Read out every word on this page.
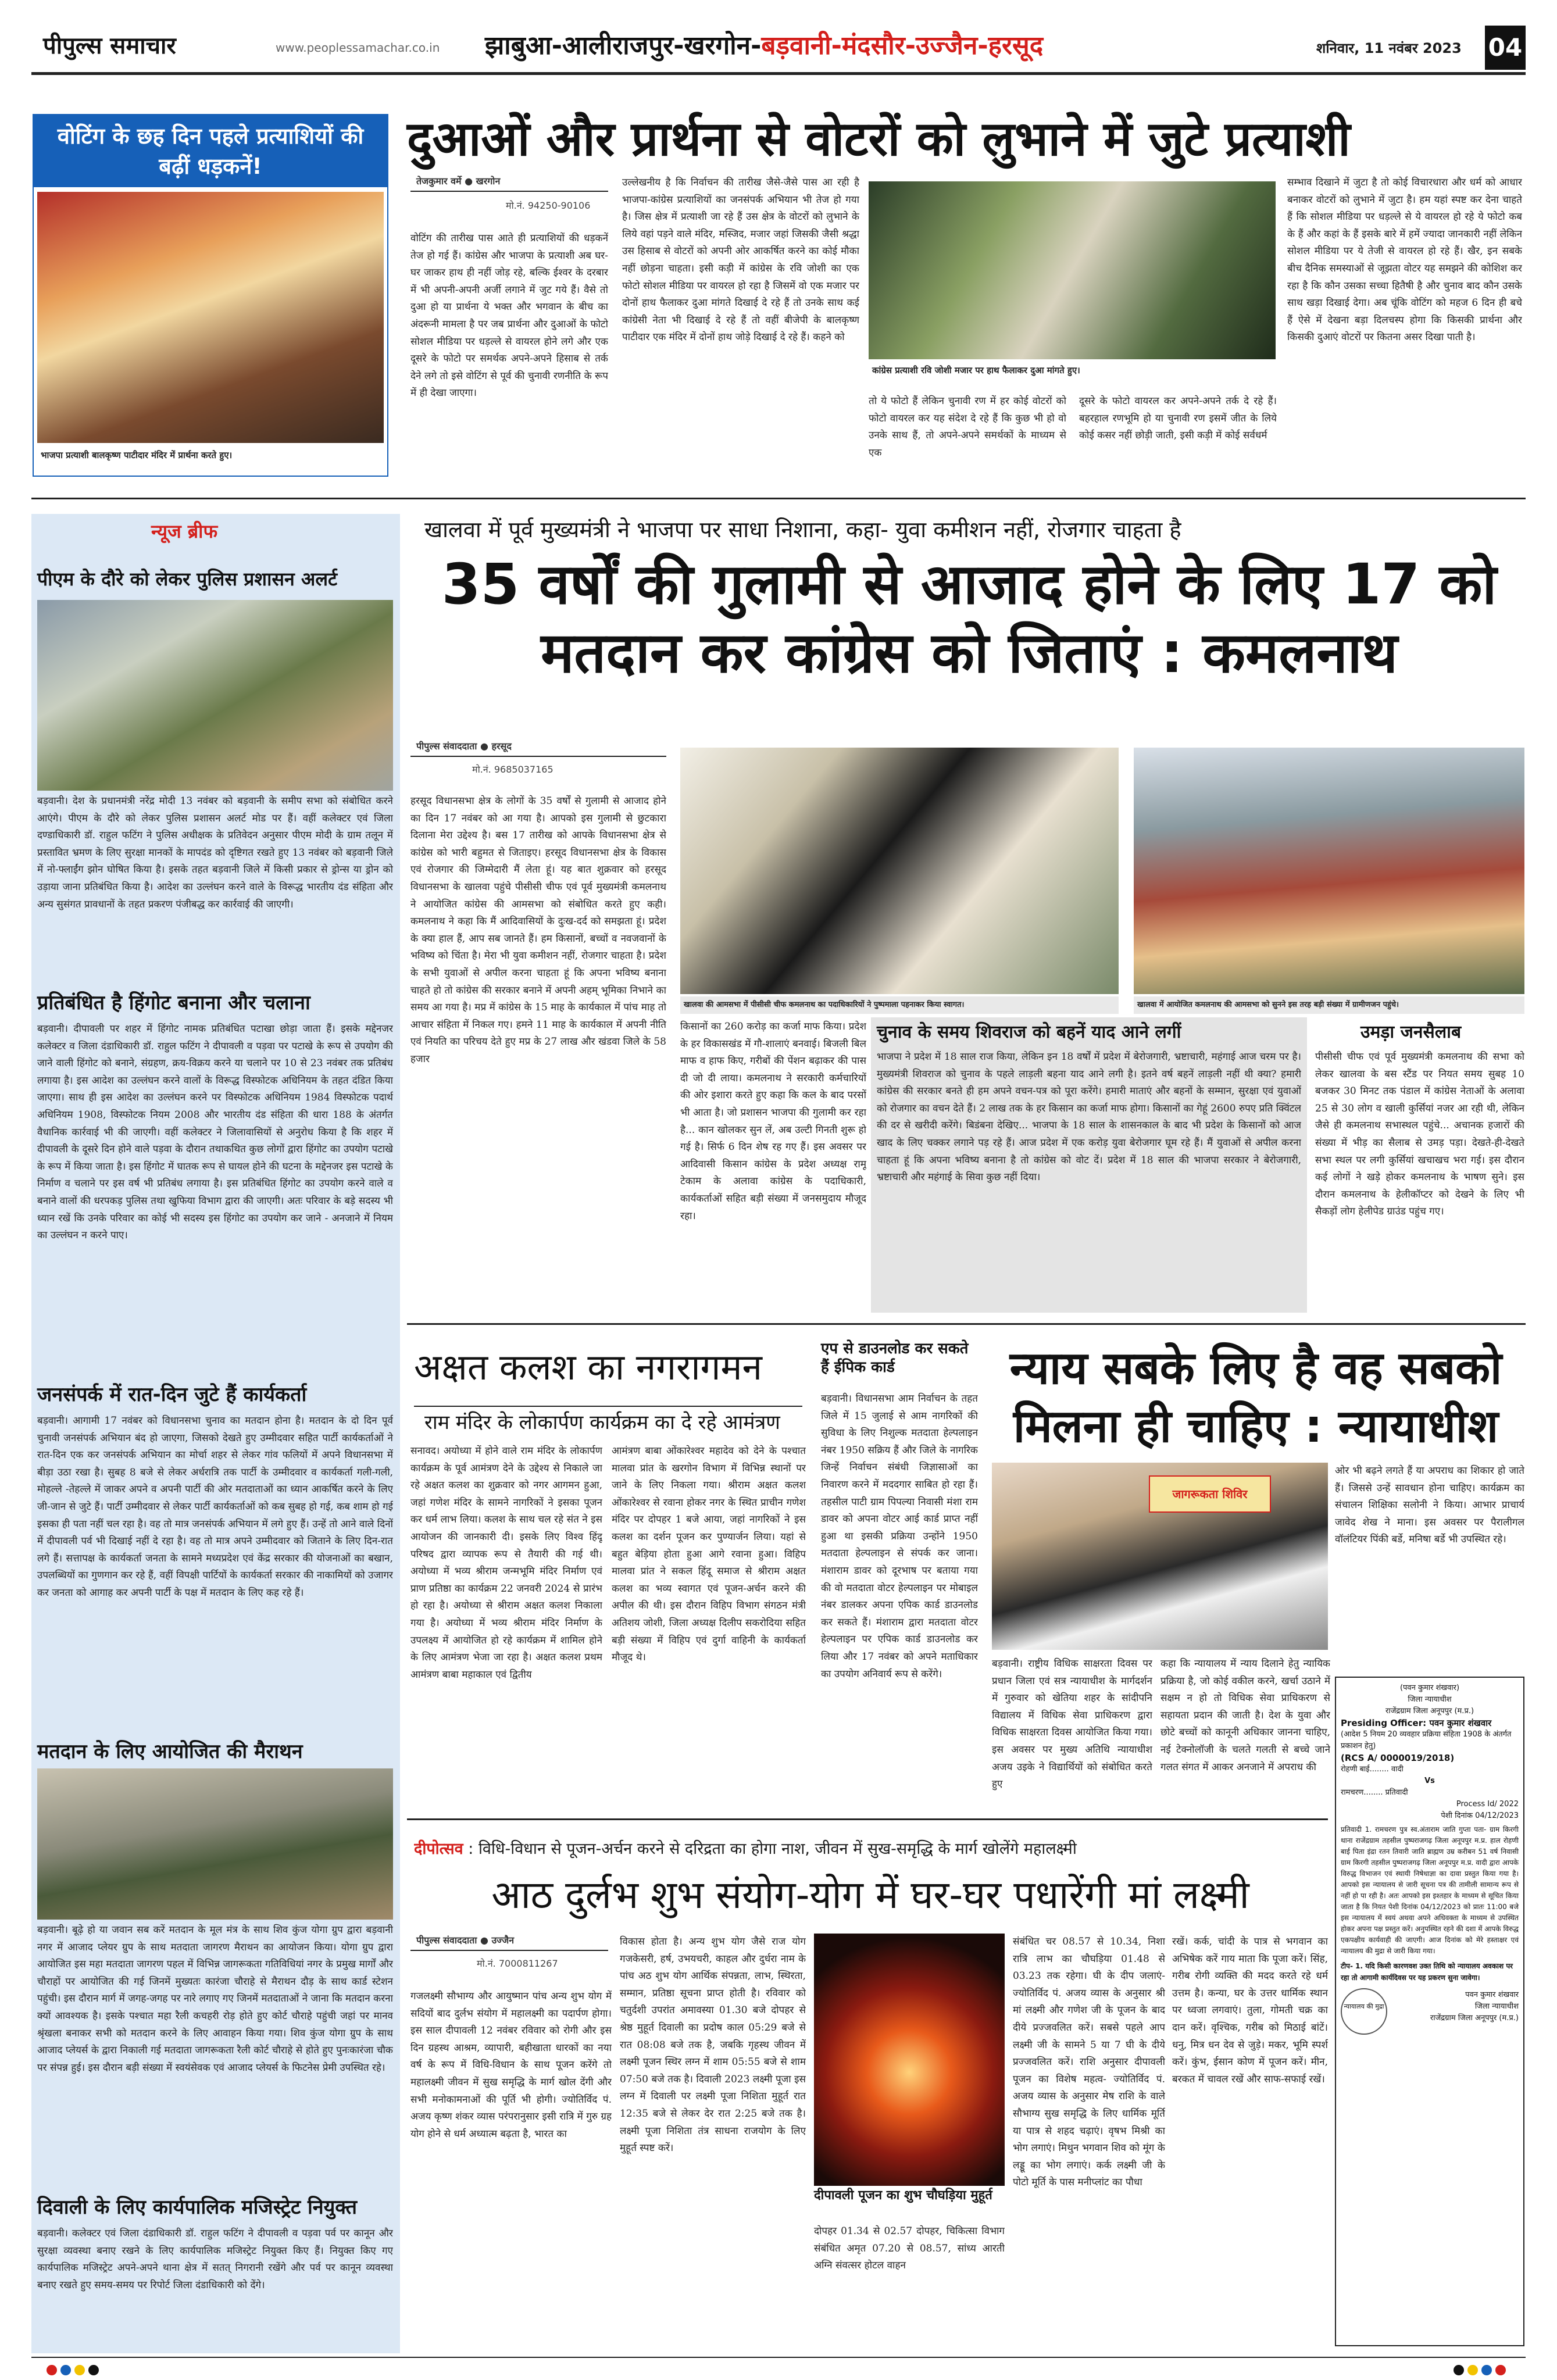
पीपुल्स समाचार	www.peoplessamachar.co.in झाबुआ-आलीराजपुर-खरगोन-बड़वानी-मंदसौर-उज्जैन-हरसूद	शनिवार, 11 नवंबर 2023 04
वोटिंग के छह दिन पहले प्रत्याशियों की बढ़ीं धड़कनें!
भाजपा प्रत्याशी बालकृष्ण पाटीदार मंदिर में प्रार्थना करते हुए।
दुआओं और प्रार्थना से वोटरों को लुभाने में जुटे प्रत्याशी
तेजकुमार वर्मे ● खरगोन
मो.नं. 94250-90106
वोटिंग की तारीख पास आते ही प्रत्याशियों की धड़कनें तेज हो गई हैं। कांग्रेस और भाजपा के प्रत्याशी अब घर-घर जाकर हाथ ही नहीं जोड़ रहे, बल्कि ईश्वर के दरबार में भी अपनी-अपनी अर्जी लगाने में जुट गये हैं। वैसे तो दुआ हो या प्रार्थना ये भक्त और भगवान के बीच का अंदरूनी मामला है पर जब प्रार्थना और दुआओं के फोटो सोशल मीडिया पर धड़ल्ले से वायरल होने लगे और एक दूसरे के फोटो पर समर्थक अपने-अपने हिसाब से तर्क देने लगे तो इसे वोटिंग से पूर्व की चुनावी रणनीति के रूप में ही देखा जाएगा।
उल्लेखनीय है कि निर्वाचन की तारीख जैसे-जैसे पास आ रही है भाजपा-कांग्रेस प्रत्याशियों का जनसंपर्क अभियान भी तेज हो गया है। जिस क्षेत्र में प्रत्याशी जा रहे हैं उस क्षेत्र के वोटरों को लुभाने के लिये वहां पड़ने वाले मंदिर, मस्जिद, मजार जहां जिसकी जैसी श्रद्धा उस हिसाब से वोटरों को अपनी ओर आकर्षित करने का कोई मौका नहीं छोड़ना चाहता। इसी कड़ी में कांग्रेस के रवि जोशी का एक फोटो सोशल मीडिया पर वायरल हो रहा है जिसमें वो एक मजार पर दोनों हाथ फैलाकर दुआ मांगते दिखाई दे रहे हैं तो उनके साथ कई कांग्रेसी नेता भी दिखाई दे रहे हैं तो वहीं बीजेपी के बालकृष्ण पाटीदार एक मंदिर में दोनों हाथ जोड़े दिखाई दे रहे हैं। कहने को
कांग्रेस प्रत्याशी रवि जोशी मजार पर हाथ फैलाकर दुआ मांगते हुए।
तो ये फोटो हैं लेकिन चुनावी रण में हर कोई वोटरों को फोटो वायरल कर यह संदेश दे रहे हैं कि कुछ भी हो वो उनके साथ हैं, तो अपने-अपने समर्थकों के माध्यम से एक
दूसरे के फोटो वायरल कर अपने-अपने तर्क दे रहे हैं। बहरहाल रणभूमि हो या चुनावी रण इसमें जीत के लिये कोई कसर नहीं छोड़ी जाती, इसी कड़ी में कोई सर्वधर्म
सम्भाव दिखाने में जुटा है तो कोई विचारधारा और धर्म को आधार बनाकर वोटरों को लुभाने में जुटा है। हम यहां स्पष्ट कर देना चाहते हैं कि सोशल मीडिया पर धड़ल्ले से ये वायरल हो रहे ये फोटो कब के हैं और कहां के हैं इसके बारे में हमें ज्यादा जानकारी नहीं लेकिन सोशल मीडिया पर ये तेजी से वायरल हो रहे हैं। खैर, इन सबके बीच दैनिक समस्याओं से जूझता वोटर यह समझने की कोशिश कर रहा है कि कौन उसका सच्चा हितैषी है और चुनाव बाद कौन उसके साथ खड़ा दिखाई देगा। अब चूंकि वोटिंग को महज 6 दिन ही बचे हैं ऐसे में देखना बड़ा दिलचस्प होगा कि किसकी प्रार्थना और किसकी दुआएं वोटरों पर कितना असर दिखा पाती है।
न्यूज ब्रीफ
पीएम के दौरे को लेकर पुलिस प्रशासन अलर्ट
बड़वानी। देश के प्रधानमंत्री नरेंद्र मोदी 13 नवंबर को बड़वानी के समीप सभा को संबोधित करने आएंगे। पीएम के दौरे को लेकर पुलिस प्रशासन अलर्ट मोड पर हैं। वहीं कलेक्टर एवं जिला दण्डाधिकारी डॉ. राहुल फटिंग ने पुलिस अधीक्षक के प्रतिवेदन अनुसार पीएम मोदी के ग्राम तलून में प्रस्तावित भ्रमण के लिए सुरक्षा मानकों के मापदंड को दृष्टिगत रखते हुए 13 नवंबर को बड़वानी जिले में नो-फ्लाईंग झोन घोषित किया है। इसके तहत बड़वानी जिले में किसी प्रकार से ड्रोन्स या ड्रोन को उड़ाया जाना प्रतिबंधित किया है। आदेश का उल्लंघन करने वाले के विरूद्ध भारतीय दंड संहिता और अन्य सुसंगत प्रावधानों के तहत प्रकरण पंजीबद्ध कर कार्रवाई की जाएगी।
प्रतिबंधित है हिंगोट बनाना और चलाना
बड़वानी। दीपावली पर शहर में हिंगोट नामक प्रतिबंधित पटाखा छोड़ा जाता हैं। इसके मद्देनजर कलेक्टर व जिला दंडाधिकारी डॉ. राहुल फटिंग ने दीपावली व पड़वा पर पटाखे के रूप से उपयोग की जाने वाली हिंगोट को बनाने, संग्रहण, क्रय-विक्रय करने या चलाने पर 10 से 23 नवंबर तक प्रतिबंध लगाया है। इस आदेश का उल्लंघन करने वालों के विरूद्ध विस्फोटक अधिनियम के तहत दंडित किया जाएगा। साथ ही इस आदेश का उल्लंघन करने पर विस्फोटक अधिनियम 1984 विस्फोटक पदार्थ अधिनियम 1908, विस्फोटक नियम 2008 और भारतीय दंड संहिता की धारा 188 के अंतर्गत वैधानिक कार्रवाई भी की जाएगी। वहीं कलेक्टर ने जिलावासियों से अनुरोध किया है कि शहर में दीपावली के दूसरे दिन होने वाले पड़वा के दौरान तथाकथित कुछ लोगों द्वारा हिंगोट का उपयोग पटाखे के रूप में किया जाता है। इस हिंगोट में घातक रूप से घायल होने की घटना के मद्देनजर इस पटाखे के निर्माण व चलाने पर इस वर्ष भी प्रतिबंध लगाया है। इस प्रतिबंधित हिंगोट का उपयोग करने वाले व बनाने वालों की धरपकड़ पुलिस तथा खुफिया विभाग द्वारा की जाएगी। अतः परिवार के बड़े सदस्य भी ध्यान रखें कि उनके परिवार का कोई भी सदस्य इस हिंगोट का उपयोग कर जाने - अनजाने में नियम का उल्लंघन न करने पाए।
जनसंपर्क में रात-दिन जुटे हैं कार्यकर्ता
बड़वानी। आगामी 17 नवंबर को विधानसभा चुनाव का मतदान होना है। मतदान के दो दिन पूर्व चुनावी जनसंपर्क अभियान बंद हो जाएगा, जिसको देखते हुए उम्मीदवार सहित पार्टी कार्यकर्ताओं ने रात-दिन एक कर जनसंपर्क अभियान का मोर्चा शहर से लेकर गांव फलियों में अपने विधानसभा में बीड़ा उठा रखा है। सुबह 8 बजे से लेकर अर्धरात्रि तक पार्टी के उम्मीदवार व कार्यकर्ता गली-गली, मोहल्ले -तेहल्ले में जाकर अपने व अपनी पार्टी की ओर मतदाताओं का ध्यान आकर्षित करने के लिए जी-जान से जुटे हैं। पार्टी उम्मीदवार से लेकर पार्टी कार्यकर्ताओं को कब सुबह हो गई, कब शाम हो गई इसका ही पता नहीं चल रहा है। वह तो मात्र जनसंपर्क अभियान में लगे हुए हैं। उन्हें तो आने वाले दिनों में दीपावली पर्व भी दिखाई नहीं दे रहा है। वह तो मात्र अपने उम्मीदवार को जिताने के लिए दिन-रात लगे हैं। सत्तापक्ष के कार्यकर्ता जनता के सामने मध्यप्रदेश एवं केंद्र सरकार की योजनाओं का बखान, उपलब्धियों का गुणगान कर रहे हैं, वहीं विपक्षी पार्टियों के कार्यकर्ता सरकार की नाकामियों को उजागर कर जनता को आगाह कर अपनी पार्टी के पक्ष में मतदान के लिए कह रहे हैं।
मतदान के लिए आयोजित की मैराथन
बड़वानी। बूढ़े हो या जवान सब करें मतदान के मूल मंत्र के साथ शिव कुंज योगा ग्रुप द्वारा बड़वानी नगर में आजाद प्लेयर ग्रुप के साथ मतदाता जागरण मैराथन का आयोजन किया। योगा ग्रुप द्वारा आयोजित इस महा मतदाता जागरण पहल में विभिन्न जागरूकता गतिविधियां नगर के प्रमुख मार्गों और चौराहों पर आयोजित की गई जिनमें मुख्यतः कारंजा चौराहे से मैराथन दौड़ के साथ कार्ड स्टेशन पहुंची। इस दौरान मार्ग में जगह-जगह पर नारे लगाए गए जिनमें मतदाताओं ने जाना कि मतदान करना क्यों आवश्यक है। इसके पश्चात महा रैली कचहरी रोड़ होते हुए कोर्ट चौराहे पहुंची जहां पर मानव श्रृंखला बनाकर सभी को मतदान करने के लिए आवाहन किया गया। शिव कुंज योगा ग्रुप के साथ आजाद प्लेयर्स के द्वारा निकाली गई मतदाता जागरूकता रैली कोर्ट चौराहे से होते हुए पुनःकारंजा चौक पर संपन्न हुई। इस दौरान बड़ी संख्या में स्वयंसेवक एवं आजाद प्लेयर्स के फिटनेस प्रेमी उपस्थित रहे।
दिवाली के लिए कार्यपालिक मजिस्ट्रेट नियुक्त
बड़वानी। कलेक्टर एवं जिला दंडाधिकारी डॉ. राहुल फटिंग ने दीपावली व पड़वा पर्व पर कानून और सुरक्षा व्यवस्था बनाए रखने के लिए कार्यपालिक मजिस्ट्रेट नियुक्त किए हैं। नियुक्त किए गए कार्यपालिक मजिस्ट्रेट अपने-अपने थाना क्षेत्र में सतत् निगरानी रखेंगे और पर्व पर कानून व्यवस्था बनाए रखते हुए समय-समय पर रिपोर्ट जिला दंडाधिकारी को देंगे।
खालवा में पूर्व मुख्यमंत्री ने भाजपा पर साधा निशाना, कहा- युवा कमीशन नहीं, रोजगार चाहता है
35 वर्षों की गुलामी से आजाद होने के लिए 17 को मतदान कर कांग्रेस को जिताएं : कमलनाथ
पीपुल्स संवाददाता ● हरसूद
मो.नं. 9685037165
हरसूद विधानसभा क्षेत्र के लोगों के 35 वर्षों से गुलामी से आजाद होने का दिन 17 नवंबर को आ गया है। आपको इस गुलामी से छुटकारा दिलाना मेरा उद्देश्य है। बस 17 तारीख को आपके विधानसभा क्षेत्र से कांग्रेस को भारी बहुमत से जिताइए। हरसूद विधानसभा क्षेत्र के विकास एवं रोजगार की जिम्मेदारी मैं लेता हूं। यह बात शुक्रवार को हरसूद विधानसभा के खालवा पहुंचे पीसीसी चीफ एवं पूर्व मुख्यमंत्री कमलनाथ ने आयोजित कांग्रेस की आमसभा को संबोधित करते हुए कही। कमलनाथ ने कहा कि मैं आदिवासियों के दुःख-दर्द को समझता हूं। प्रदेश के क्या हाल हैं, आप सब जानते हैं। हम किसानों, बच्चों व नवजवानों के भविष्य को चिंता है। मेरा भी युवा कमीशन नहीं, रोजगार चाहता है। प्रदेश के सभी युवाओं से अपील करना चाहता हूं कि अपना भविष्य बनाना चाहते हो तो कांग्रेस की सरकार बनाने में अपनी अहम् भूमिका निभाने का समय आ गया है। मप्र में कांग्रेस के 15 माह के कार्यकाल में पांच माह तो आचार संहिता में निकल गए। हमने 11 माह के कार्यकाल में अपनी नीति एवं नियति का परिचय देते हुए मप्र के 27 लाख और खंडवा जिले के 58 हजार
खालवा की आमसभा में पीसीसी चीफ कमलनाथ का पदाधिकारियों ने पुष्पमाला पहनाकर किया स्वागत।	खालवा में आयोजित कमलनाथ की आमसभा को सुनने इस तरह बड़ी संख्या में ग्रामीणजन पहुंचे।
किसानों का 260 करोड़ का कर्जा माफ किया। प्रदेश के हर विकासखंड में गौ-शालाएं बनवाई। बिजली बिल माफ व हाफ किए, गरीबों की पेंशन बढ़ाकर की पास दी जो दी लाया। कमलनाथ ने सरकारी कर्मचारियों की ओर इशारा करते हुए कहा कि कल के बाद परसों भी आता है। जो प्रशासन भाजपा की गुलामी कर रहा है... कान खोलकर सुन लें, अब उल्टी गिनती शुरू हो गई है। सिर्फ 6 दिन शेष रह गए हैं। इस अवसर पर आदिवासी किसान कांग्रेस के प्रदेश अध्यक्ष रामू टेकाम के अलावा कांग्रेस के पदाधिकारी, कार्यकर्ताओं सहित बड़ी संख्या में जनसमुदाय मौजूद रहा।
चुनाव के समय शिवराज को बहनें याद आने लगीं
भाजपा ने प्रदेश में 18 साल राज किया, लेकिन इन 18 वर्षों में प्रदेश में बेरोजगारी, भ्रष्टाचारी, महंगाई आज चरम पर है। मुख्यमंत्री शिवराज को चुनाव के पहले लाड़ली बहना याद आने लगी है। इतने वर्ष बहनें लाड़ली नहीं थी क्या? हमारी कांग्रेस की सरकार बनते ही हम अपने वचन-पत्र को पूरा करेंगे। हमारी माताएं और बहनों के सम्मान, सुरक्षा एवं युवाओं को रोजगार का वचन देते हैं। 2 लाख तक के हर किसान का कर्जा माफ होगा। किसानों का गेहूं 2600 रुपए प्रति क्विंटल की दर से खरीदी करेंगे। बिडंबना देखिए... भाजपा के 18 साल के शासनकाल के बाद भी प्रदेश के किसानों को आज खाद के लिए चक्कर लगाने पड़ रहे हैं। आज प्रदेश में एक करोड़ युवा बेरोजगार घूम रहे हैं। मैं युवाओं से अपील करना चाहता हूं कि अपना भविष्य बनाना है तो कांग्रेस को वोट दें। प्रदेश में 18 साल की भाजपा सरकार ने बेरोजगारी, भ्रष्टाचारी और महंगाई के सिवा कुछ नहीं दिया।
उमड़ा जनसैलाब
पीसीसी चीफ एवं पूर्व मुख्यमंत्री कमलनाथ की सभा को लेकर खालवा के बस स्टैंड पर नियत समय सुबह 10 बजकर 30 मिनट तक पंडाल में कांग्रेस नेताओं के अलावा 25 से 30 लोग व खाली कुर्सियां नजर आ रही थी, लेकिन जैसे ही कमलनाथ सभास्थल पहुंचे... अचानक हजारों की संख्या में भीड़ का सैलाब से उमड़ पड़ा। देखते-ही-देखते सभा स्थल पर लगी कुर्सियां खचाखच भरा गई। इस दौरान कई लोगों ने खड़े होकर कमलनाथ के भाषण सुने। इस दौरान कमलनाथ के हेलीकॉप्टर को देखने के लिए भी सैकड़ों लोग हेलीपेड ग्राउंड पहुंच गए।
अक्षत कलश का नगरागमन
राम मंदिर के लोकार्पण कार्यक्रम का दे रहे आमंत्रण
सनावद। अयोध्या में होने वाले राम मंदिर के लोकार्पण कार्यक्रम के पूर्व आमंत्रण देने के उद्देश्य से निकाले जा रहे अक्षत कलश का शुक्रवार को नगर आगमन हुआ, जहां गणेश मंदिर के सामने नागरिकों ने इसका पूजन कर धर्म लाभ लिया। कलश के साथ चल रहे संत ने इस आयोजन की जानकारी दी। इसके लिए विश्व हिंदू परिषद द्वारा व्यापक रूप से तैयारी की गई थी। अयोध्या में भव्य श्रीराम जन्मभूमि मंदिर निर्माण एवं प्राण प्रतिष्ठा का कार्यक्रम 22 जनवरी 2024 से प्रारंभ हो रहा है। अयोध्या से श्रीराम अक्षत कलश निकाला गया है। अयोध्या में भव्य श्रीराम मंदिर निर्माण के उपलक्ष्य में आयोजित हो रहे कार्यक्रम में शामिल होने के लिए आमंत्रण भेजा जा रहा है। अक्षत कलश प्रथम आमंत्रण बाबा महाकाल एवं द्वितीय
आमंत्रण बाबा ओंकारेश्वर महादेव को देने के पश्चात मालवा प्रांत के खरगोन विभाग में विभिन्न स्थानों पर जाने के लिए निकला गया। श्रीराम अक्षत कलश ओंकारेश्वर से रवाना होकर नगर के स्थित प्राचीन गणेश मंदिर पर दोपहर 1 बजे आया, जहां नागरिकों ने इस कलश का दर्शन पूजन कर पुण्यार्जन लिया। यहां से बहुत बेड़िया होता हुआ आगे रवाना हुआ। विहिप मालवा प्रांत ने सकल हिंदू समाज से श्रीराम अक्षत कलश का भव्य स्वागत एवं पूजन-अर्चन करने की अपील की थी। इस दौरान विहिप विभाग संगठन मंत्री अतिशय जोशी, जिला अध्यक्ष दिलीप सकरोदिया सहित बड़ी संख्या में विहिप एवं दुर्गा वाहिनी के कार्यकर्ता मौजूद थे।
एप से डाउनलोड कर सकते हैं ईपिक कार्ड
बड़वानी। विधानसभा आम निर्वाचन के तहत जिले में 15 जुलाई से आम नागरिकों की सुविधा के लिए निशुल्क मतदाता हेल्पलाइन नंबर 1950 सक्रिय हैं और जिले के नागरिक जिन्हें निर्वाचन संबंधी जिज्ञासाओं का निवारण करने में मददगार साबित हो रहा हैं। तहसील पाटी ग्राम पिपल्या निवासी मंशा राम डावर को अपना वोटर आई कार्ड प्राप्त नहीं हुआ था इसकी प्रक्रिया उन्होंने 1950 मतदाता हेल्पलाइन से संपर्क कर जाना। मंशाराम डावर को दूरभाष पर बताया गया की वो मतदाता वोटर हेल्पलाइन पर मोबाइल नंबर डालकर अपना एपिक कार्ड डाउनलोड कर सकते हैं। मंशाराम द्वारा मतदाता वोटर हेल्पलाइन पर एपिक कार्ड डाउनलोड कर लिया और 17 नवंबर को अपने मताधिकार का उपयोग अनिवार्य रूप से करेंगे।
न्याय सबके लिए है वह सबको मिलना ही चाहिए : न्यायाधीश
जागरूकता शिविर
ओर भी बढ़ने लगते हैं या अपराध का शिकार हो जाते हैं। जिससे उन्हें सावधान होना चाहिए। कार्यक्रम का संचालन शिक्षिका सलोनी ने किया। आभार प्राचार्य जावेद शेख ने माना। इस अवसर पर पैरालीगल वॉलंटियर पिंकी बर्डे, मनिषा बर्डे भी उपस्थित रहे।
बड़वानी। राष्ट्रीय विधिक साक्षरता दिवस पर प्रधान जिला एवं सत्र न्यायाधीश के मार्गदर्शन में गुरुवार को खेतिया शहर के सांदीपनि विद्यालय में विधिक सेवा प्राधिकरण द्वारा विधिक साक्षरता दिवस आयोजित किया गया। इस अवसर पर मुख्य अतिथि न्यायाधीश अजय उइके ने विद्यार्थियों को संबोधित करते हुए
कहा कि न्यायालय में न्याय दिलाने हेतु न्यायिक प्रक्रिया है, जो कोई वकील करने, खर्चा उठाने में सक्षम न हो तो विधिक सेवा प्राधिकरण से सहायता प्रदान की जाती है। देश के युवा और छोटे बच्चों को कानूनी अधिकार जानना चाहिए, नई टेक्नोलॉजी के चलते गलती से बच्चे जाने गलत संगत में आकर अनजाने में अपराध की
(पवन कुमार शंखवार)
जिला न्यायाधीश
राजेंद्रग्राम जिला अनूपपुर (म.प्र.)
Presiding Officer: पवन कुमार शंखवार
(आदेश 5 नियम 20 व्यवहार प्रक्रिया संहिता 1908 के अंतर्गत प्रकाशन हेतु)
(RCS A/ 0000019/2018)
रोहणी बाई........ वादी
Vs
रामचरण........ प्रतिवादी
Process Id/ 2022
पेशी दिनांक 04/12/2023
प्रतिवादी 1. रामचरण पुत्र स्व.अंताराम जाति गुप्ता पता- ग्राम किरगी थाना राजेंद्रग्राम तहसील पुष्पराजगढ़ जिला अनूपपुर म.प्र. हाल रोहणी बाई पिता इंद्रा रतन तिवारी जाति ब्राह्मण उम्र करीबन 51 वर्ष निवासी ग्राम किरगी तहसील पुष्पराजगढ़ जिला अनूपपुर म.प्र. वादी द्वारा आपके विरुद्ध विभाजन एवं स्थायी निषेधाज्ञा का दावा प्रस्तुत किया गया है। आपको इस न्यायालय से जारी सूचना पत्र की तामीली सामान्य रूप से नहीं हो पा रही है। अतः आपको इस इश्तहार के माध्यम से सूचित किया जाता है कि नियत पेशी दिनांक 04/12/2023 को प्रातः 11:00 बजे इस न्यायालय में स्वयं अथवा अपने अधिवक्ता के माध्यम से उपस्थित होकर अपना पक्ष प्रस्तुत करें। अनुपस्थित रहने की दशा में आपके विरुद्ध एकपक्षीय कार्यवाही की जाएगी। आज दिनांक को मेरे हस्ताक्षर एवं न्यायालय की मुद्रा से जारी किया गया।
टीप- 1. यदि किसी कारणवश उक्त तिथि को न्यायालय अवकाश पर रहा तो आगामी कार्यदिवस पर यह प्रकरण सुना जावेगा।
न्यायालय की मुद्रा
पवन कुमार शंखवार
जिला न्यायाधीश
राजेंद्रग्राम जिला अनूपपुर (म.प्र.)
दीपोत्सव : विधि-विधान से पूजन-अर्चन करने से दरिद्रता का होगा नाश, जीवन में सुख-समृद्धि के मार्ग खोलेंगे महालक्ष्मी
आठ दुर्लभ शुभ संयोग-योग में घर-घर पधारेंगी मां लक्ष्मी
पीपुल्स संवाददाता ● उज्जैन
मो.नं. 7000811267
गजलक्ष्मी सौभाग्य और आयुष्मान पांच अन्य शुभ योग में सदियों बाद दुर्लभ संयोग में महालक्ष्मी का पदार्पण होगा। इस साल दीपावली 12 नवंबर रविवार को रोगी और इस दिन ग्रहस्थ आश्रम, व्यापारी, बहीखाता धारकों का नया वर्ष के रूप में विधि-विधान के साथ पूजन करेंगे तो महालक्ष्मी जीवन में सुख समृद्धि के मार्ग खोल देंगी और सभी मनोकामनाओं की पूर्ति भी होगी। ज्योतिर्विद पं. अजय कृष्ण शंकर व्यास परंपरानुसार इसी रात्रि में गुरु ग्रह योग होने से धर्म अध्यात्म बढ़ता है, भारत का
विकास होता है। अन्य शुभ योग जैसे राज योग गजकेसरी, हर्ष, उभयचरी, काहल और दुर्धरा नाम के पांच अठ शुभ योग आर्थिक संपन्नता, लाभ, स्थिरता, सम्मान, प्रतिष्ठा सूचना प्राप्त होती है। रविवार को चतुर्दशी उपरांत अमावस्या 01.30 बजे दोपहर से श्रेष्ठ मुहूर्त दिवाली का प्रदोष काल 05:29 बजे से रात 08:08 बजे तक है, जबकि गृहस्थ जीवन में लक्ष्मी पूजन स्थिर लग्न में शाम 05:55 बजे से शाम 07:50 बजे तक है। दिवाली 2023 लक्ष्मी पूजा इस लग्न में दिवाली पर लक्ष्मी पूजा निशिता मुहूर्त रात 12:35 बजे से लेकर देर रात 2:25 बजे तक है। लक्ष्मी पूजा निशिता तंत्र साधना राजयोग के लिए मुहूर्त स्पष्ट करें।
दीपावली पूजन का शुभ चौघड़िया मुहूर्त
दोपहर 01.34 से 02.57 दोपहर, चिकित्सा विभाग संबंधित अमृत 07.20 से 08.57, सांध्य आरती अग्नि संवत्सर होटल वाहन
संबंधित चर 08.57 से 10.34, निशा रात्रि लाभ का चौघड़िया 01.48 से 03.23 तक रहेगा। घी के दीप जलाएं- ज्योतिर्विद पं. अजय व्यास के अनुसार श्री मां लक्ष्मी और गणेश जी के पूजन के बाद दीये प्रज्जवलित करें। सबसे पहले आप लक्ष्मी जी के सामने 5 या 7 घी के दीये प्रज्जवलित करें। राशि अनुसार दीपावली पूजन का विशेष महत्व- ज्योतिर्विद पं. अजय व्यास के अनुसार मेष राशि के वाले सौभाग्य सुख समृद्धि के लिए धार्मिक मूर्ति या पात्र से शहद चढ़ाएं। वृषभ मिश्री का भोग लगाएं। मिथुन भगवान शिव को मूंग के लड्डू का भोग लगाएं। कर्क लक्ष्मी जी के पोटो मूर्ति के पास मनीप्लांट का पौधा
रखें। कर्क, चांदी के पात्र से भगवान का अभिषेक करें गाय माता कि पूजा करें। सिंह, गरीब रोगी व्यक्ति की मदद करते रहे धर्म उत्तम है। कन्या, घर के उत्तर धार्मिक स्थान पर ध्वजा लगवाएं। तुला, गोमती चक्र का दान करें। वृश्चिक, गरीब को मिठाई बांटें। धनु, मित्र धन देव से जुड़े। मकर, भूमि स्पर्श करें। कुंभ, ईसान कोण में पूजन करें। मीन, बरकत में चावल रखें और साफ-सफाई रखें।
